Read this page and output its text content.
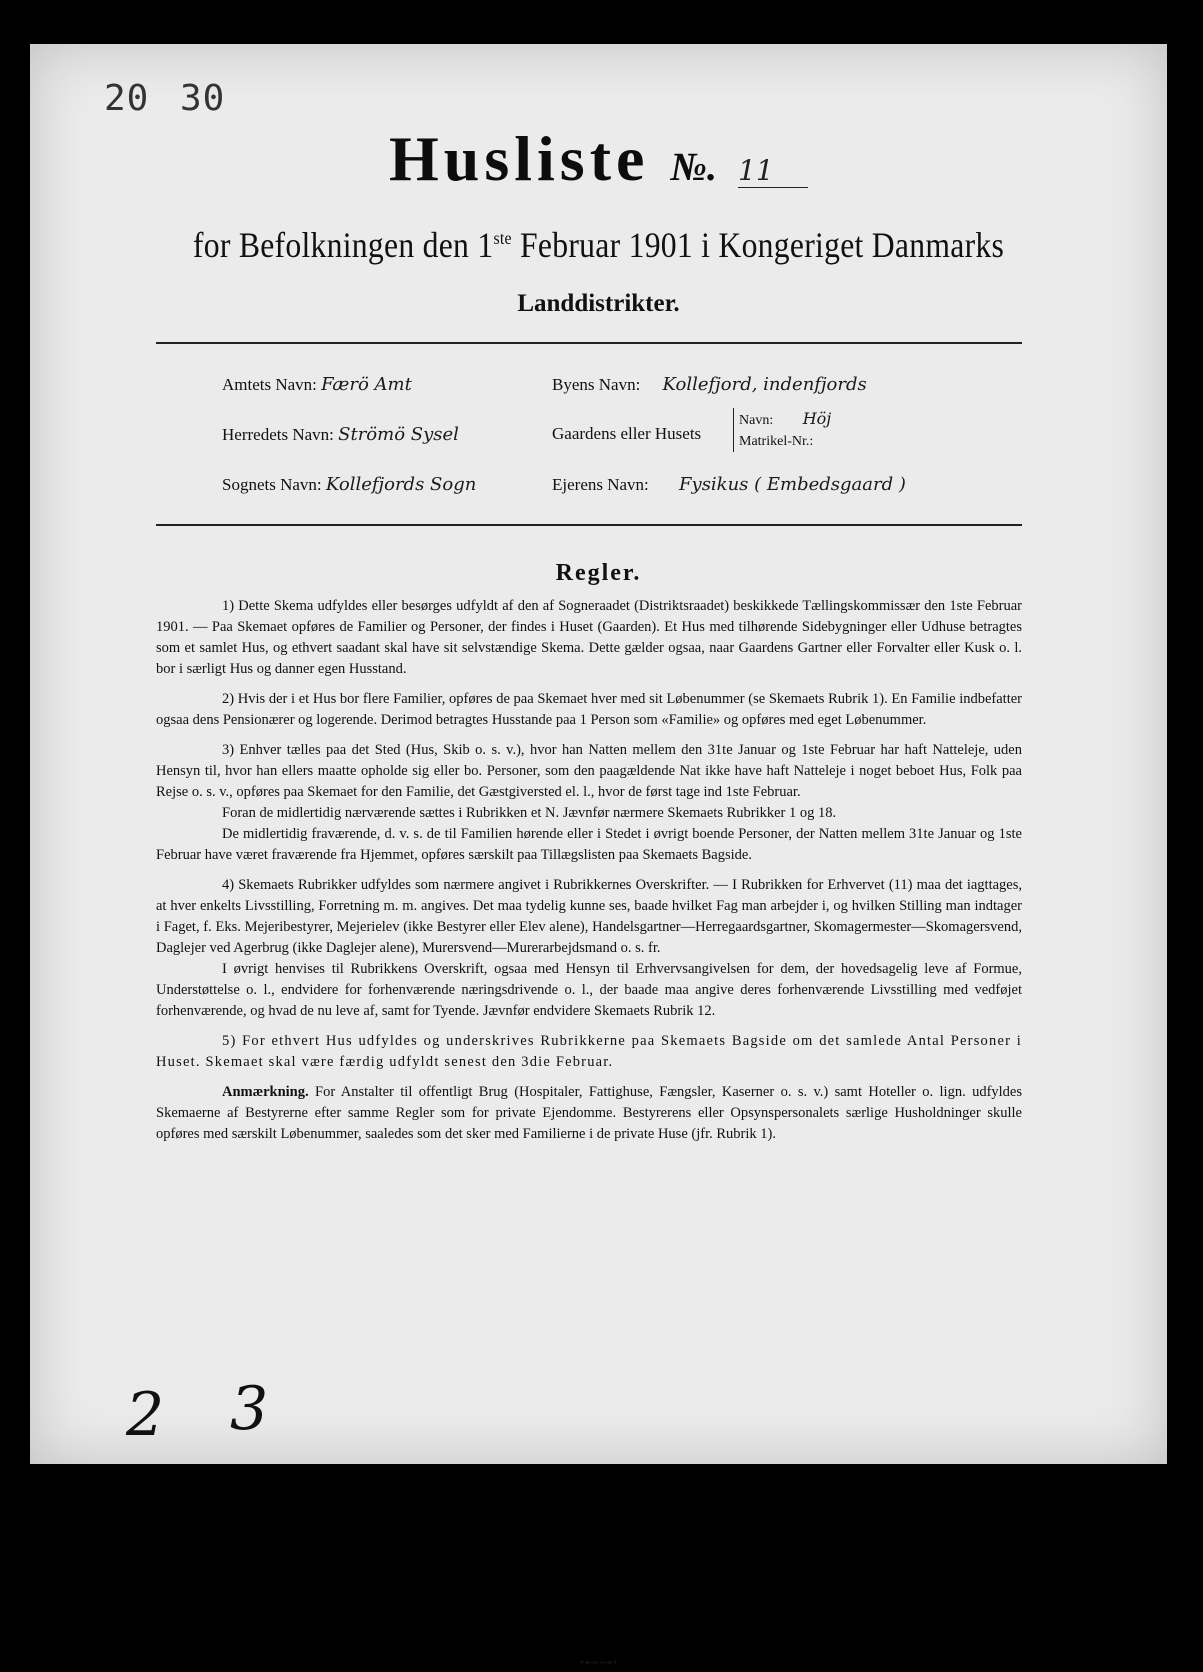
20 30
Husliste №. 11
for Befolkningen den 1ste Februar 1901 i Kongeriget Danmarks
Landdistrikter.
Amtets Navn: Færö Amt	Byens Navn: Kollefjord, indenfjords
Herredets Navn: Strömö Sysel	Gaardens eller Husets
Navn: Höj
Matrikel-Nr.:
Sognets Navn: Kollefjords Sogn	Ejerens Navn: Fysikus ( Embedsgaard )
Regler.

1) Dette Skema udfyldes eller besørges udfyldt af den af Sogneraadet (Distriktsraadet) beskikkede Tællingskommissær den 1ste Februar 1901. — Paa Skemaet opføres de Familier og Personer, der findes i Huset (Gaarden). Et Hus med tilhørende Sidebygninger eller Udhuse betragtes som et samlet Hus, og ethvert saadant skal have sit selvstændige Skema. Dette gælder ogsaa, naar Gaardens Gartner eller Forvalter eller Kusk o. l. bor i særligt Hus og danner egen Husstand.

2) Hvis der i et Hus bor flere Familier, opføres de paa Skemaet hver med sit Løbenummer (se Skemaets Rubrik 1). En Familie indbefatter ogsaa dens Pensionærer og logerende. Derimod betragtes Husstande paa 1 Person som «Familie» og opføres med eget Løbenummer.

3) Enhver tælles paa det Sted (Hus, Skib o. s. v.), hvor han Natten mellem den 31te Januar og 1ste Februar har haft Natteleje, uden Hensyn til, hvor han ellers maatte opholde sig eller bo. Personer, som den paagældende Nat ikke have haft Natteleje i noget beboet Hus, Folk paa Rejse o. s. v., opføres paa Skemaet for den Familie, det Gæstgiversted el. l., hvor de først tage ind 1ste Februar.

Foran de midlertidig nærværende sættes i Rubrikken et N. Jævnfør nærmere Skemaets Rubrikker 1 og 18.

De midlertidig fraværende, d. v. s. de til Familien hørende eller i Stedet i øvrigt boende Personer, der Natten mellem 31te Januar og 1ste Februar have været fraværende fra Hjemmet, opføres særskilt paa Tillægslisten paa Skemaets Bagside.

4) Skemaets Rubrikker udfyldes som nærmere angivet i Rubrikkernes Overskrifter. — I Rubrikken for Erhvervet (11) maa det iagttages, at hver enkelts Livsstilling, Forretning m. m. angives. Det maa tydelig kunne ses, baade hvilket Fag man arbejder i, og hvilken Stilling man indtager i Faget, f. Eks. Mejeribestyrer, Mejerielev (ikke Bestyrer eller Elev alene), Handelsgartner—Herregaardsgartner, Skomagermester—Skomagersvend, Daglejer ved Agerbrug (ikke Daglejer alene), Murersvend—Murerarbejdsmand o. s. fr.

I øvrigt henvises til Rubrikkens Overskrift, ogsaa med Hensyn til Erhvervsangivelsen for dem, der hovedsagelig leve af Formue, Understøttelse o. l., endvidere for forhenværende næringsdrivende o. l., der baade maa angive deres forhenværende Livsstilling med vedføjet forhenværende, og hvad de nu leve af, samt for Tyende. Jævnfør endvidere Skemaets Rubrik 12.

5) For ethvert Hus udfyldes og underskrives Rubrikkerne paa Skemaets Bagside om det samlede Antal Personer i Huset. Skemaet skal være færdig udfyldt senest den 3die Februar.

Anmærkning. For Anstalter til offentligt Brug (Hospitaler, Fattighuse, Fængsler, Kaserner o. s. v.) samt Hoteller o. lign. udfyldes Skemaerne af Bestyrerne efter samme Regler som for private Ejendomme. Bestyrerens eller Opsynspersonalets særlige Husholdninger skulle opføres med særskilt Løbenummer, saaledes som det sker med Familierne i de private Huse (jfr. Rubrik 1).

•⊷⊶•
2 3
